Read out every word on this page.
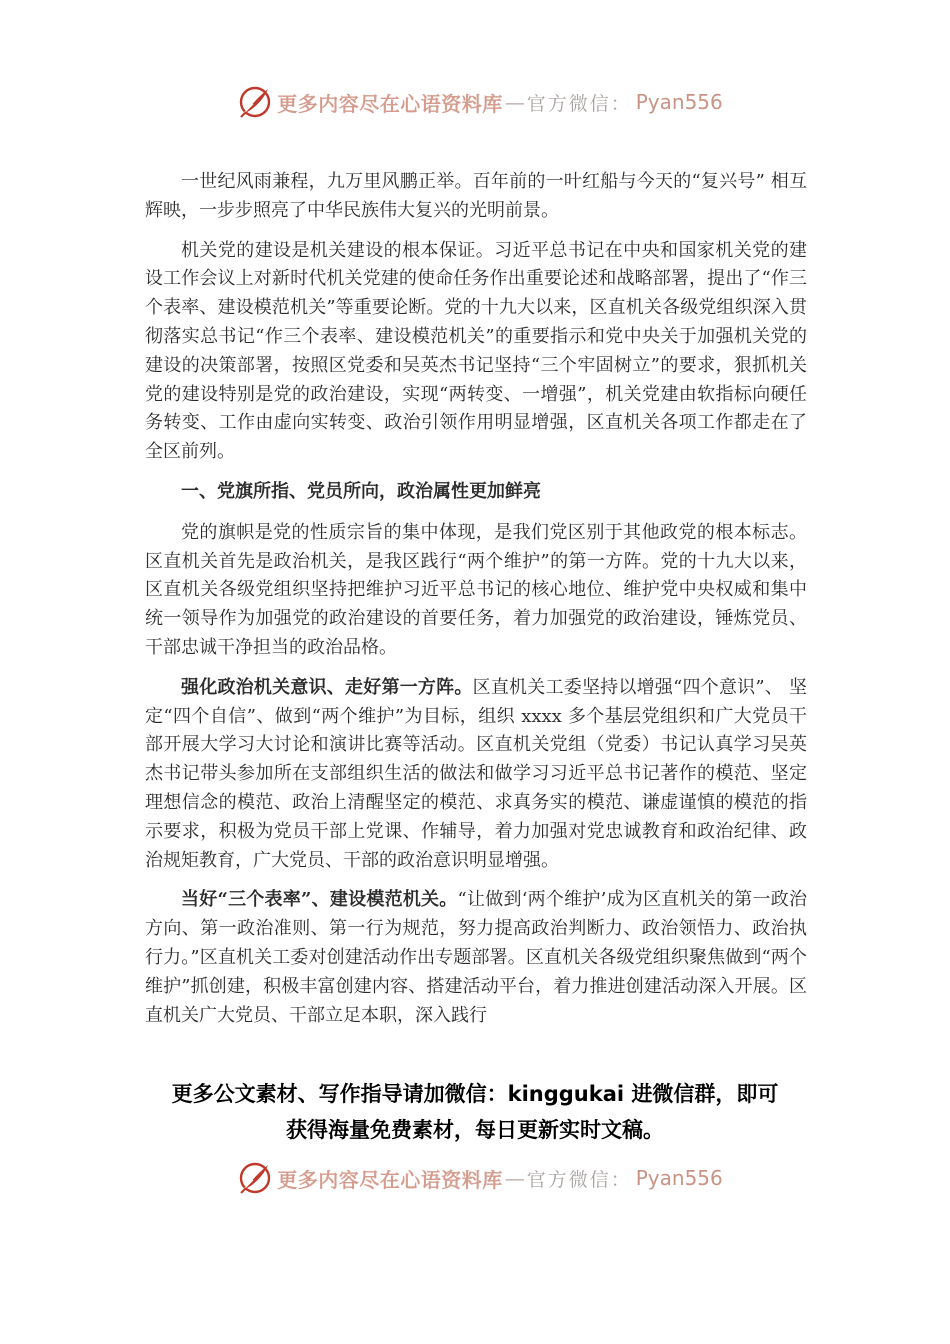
更多内容尽在心语资料库 — 官方微信： Pyan556

一世纪风雨兼程，九万里风鹏正举。百年前的一叶红船与今天的“复兴号” 相互辉映，一步步照亮了中华民族伟大复兴的光明前景。

机关党的建设是机关建设的根本保证。习近平总书记在中央和国家机关党的建设工作会议上对新时代机关党建的使命任务作出重要论述和战略部署，提出了“作三个表率、建设模范机关”等重要论断。党的十九大以来，区直机关各级党组织深入贯彻落实总书记“作三个表率、建设模范机关”的重要指示和党中央关于加强机关党的建设的决策部署，按照区党委和吴英杰书记坚持“三个牢固树立”的要求，狠抓机关党的建设特别是党的政治建设，实现“两转变、一增强”，机关党建由软指标向硬任务转变、工作由虚向实转变、政治引领作用明显增强，区直机关各项工作都走在了全区前列。

一、党旗所指、党员所向，政治属性更加鲜亮

党的旗帜是党的性质宗旨的集中体现，是我们党区别于其他政党的根本标志。区直机关首先是政治机关，是我区践行“两个维护”的第一方阵。党的十九大以来，区直机关各级党组织坚持把维护习近平总书记的核心地位、维护党中央权威和集中统一领导作为加强党的政治建设的首要任务，着力加强党的政治建设，锤炼党员、干部忠诚干净担当的政治品格。

强化政治机关意识、走好第一方阵。区直机关工委坚持以增强“四个意识”、 坚定“四个自信”、做到“两个维护”为目标，组织 xxxx 多个基层党组织和广大党员干部开展大学习大讨论和演讲比赛等活动。区直机关党组（党委）书记认真学习吴英杰书记带头参加所在支部组织生活的做法和做学习习近平总书记著作的模范、坚定理想信念的模范、政治上清醒坚定的模范、求真务实的模范、谦虚谨慎的模范的指示要求，积极为党员干部上党课、作辅导，着力加强对党忠诚教育和政治纪律、政治规矩教育，广大党员、干部的政治意识明显增强。

当好“三个表率”、建设模范机关。“让做到‘两个维护’成为区直机关的第一政治方向、第一政治准则、第一行为规范，努力提高政治判断力、政治领悟力、政治执行力。”区直机关工委对创建活动作出专题部署。区直机关各级党组织聚焦做到“两个维护”抓创建，积极丰富创建内容、搭建活动平台，着力推进创建活动深入开展。区直机关广大党员、干部立足本职，深入践行

更多公文素材、写作指导请加微信：kinggukai 进微信群，即可
获得海量免费素材，每日更新实时文稿。
更多内容尽在心语资料库 — 官方微信： Pyan556
